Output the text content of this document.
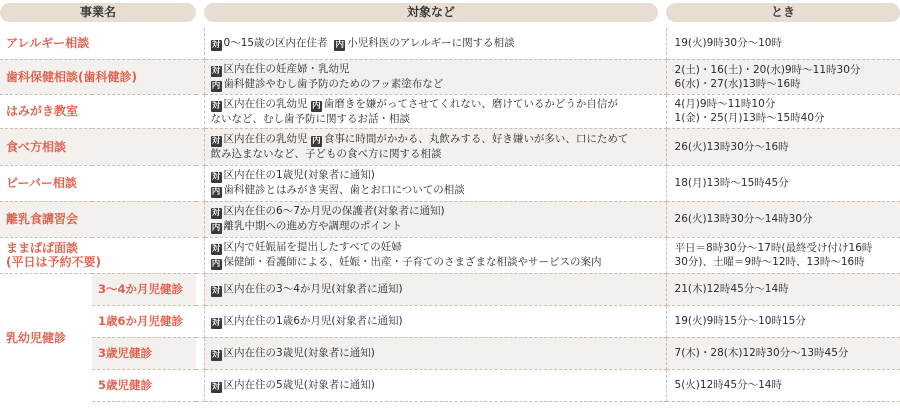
事業名	対象など	とき
アレルギー相談			対 0～15歳の区内在住者 内 小児科医のアレルギーに関する相談	19(火)9時30分～10時

歯科保健相談(歯科健診)			対 区内在住の妊産婦・乳幼児
内 歯科健診やむし歯予防のためのフッ素塗布など	2(土)・16(土)・20(水)9時～11時30分
6(水)・27(水)13時～16時

はみがき教室			対 区内在住の乳幼児 内 歯磨きを嫌がってさせてくれない、磨けているかどうか自信が
ないなど、むし歯予防に関するお話・相談	4(月)9時～11時10分
1(金)・25(月)13時～15時40分

食べ方相談			対 区内在住の乳幼児 内 食事に時間がかかる、丸飲みする、好き嫌いが多い、口にためて
飲み込まないなど、子どもの食べ方に関する相談	26(火)13時30分～16時

ピーバー相談			対 区内在住の1歳児(対象者に通知)
内 歯科健診とはみがき実習、歯とお口についての相談	18(月)13時～15時45分

離乳食講習会			対 区内在住の6～7か月児の保護者(対象者に通知)
内 離乳中期への進め方や調理のポイント	26(火)13時30分～14時30分

ままぱぱ面談
(平日は予約不要)			対 区内で妊娠届を提出したすべての妊婦
内 保健師・看護師による、妊娠・出産・子育てのさまざまな相談やサービスの案内	平日＝8時30分～17時(最終受け付け16時
30分)、土曜＝9時～12時、13時～16時

乳幼児健診	3～4か月児健診		対 区内在住の3～4か月児(対象者に通知)	21(木)12時45分～14時
	1歳6か月児健診		対 区内在住の1歳6か月児(対象者に通知)	19(火)9時15分～10時15分
	3歳児健診		対 区内在住の3歳児(対象者に通知)	7(木)・28(木)12時30分～13時45分
	5歳児健診		対 区内在住の5歳児(対象者に通知)	5(火)12時45分～14時
